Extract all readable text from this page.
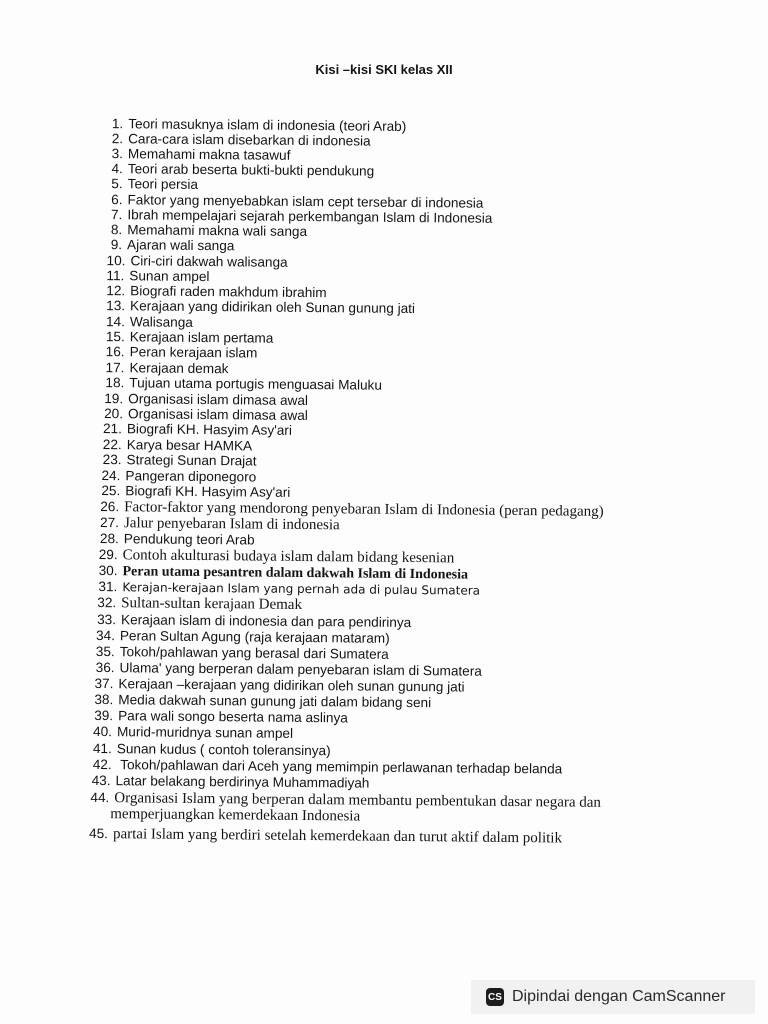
Kisi –kisi SKI kelas XII
1. Teori masuknya islam di indonesia (teori Arab)
2. Cara-cara islam disebarkan di indonesia
3. Memahami makna tasawuf
4. Teori arab beserta bukti-bukti pendukung
5. Teori persia
6. Faktor yang menyebabkan islam cept tersebar di indonesia
7. Ibrah mempelajari sejarah perkembangan Islam di Indonesia
8. Memahami makna wali sanga
9. Ajaran wali sanga
10. Ciri-ciri dakwah walisanga
11. Sunan ampel
12. Biografi raden makhdum ibrahim
13. Kerajaan yang didirikan oleh Sunan gunung jati
14. Walisanga
15. Kerajaan islam pertama
16. Peran kerajaan islam
17. Kerajaan demak
18. Tujuan utama portugis menguasai Maluku
19. Organisasi islam dimasa awal
20. Organisasi islam dimasa awal
21. Biografi KH. Hasyim Asy'ari
22. Karya besar HAMKA
23. Strategi Sunan Drajat
24. Pangeran diponegoro
25. Biografi KH. Hasyim Asy'ari
26. Factor-faktor yang mendorong penyebaran Islam di Indonesia (peran pedagang)
27. Jalur penyebaran Islam di indonesia
28. Pendukung teori Arab
29. Contoh akulturasi budaya islam dalam bidang kesenian
30. Peran utama pesantren dalam dakwah Islam di Indonesia
31. Kerajan-kerajaan Islam yang pernah ada di pulau Sumatera
32. Sultan-sultan kerajaan Demak
33. Kerajaan islam di indonesia dan para pendirinya
34. Peran Sultan Agung (raja kerajaan mataram)
35. Tokoh/pahlawan yang berasal dari Sumatera
36. Ulama' yang berperan dalam penyebaran islam di Sumatera
37. Kerajaan –kerajaan yang didirikan oleh sunan gunung jati
38. Media dakwah sunan gunung jati dalam bidang seni
39. Para wali songo beserta nama aslinya
40. Murid-muridnya sunan ampel
41. Sunan kudus ( contoh toleransinya)
42. Tokoh/pahlawan dari Aceh yang memimpin perlawanan terhadap belanda
43. Latar belakang berdirinya Muhammadiyah
44. Organisasi Islam yang berperan dalam membantu pembentukan dasar negara dan
memperjuangkan kemerdekaan Indonesia
45. partai Islam yang berdiri setelah kemerdekaan dan turut aktif dalam politik
CS Dipindai dengan CamScanner
